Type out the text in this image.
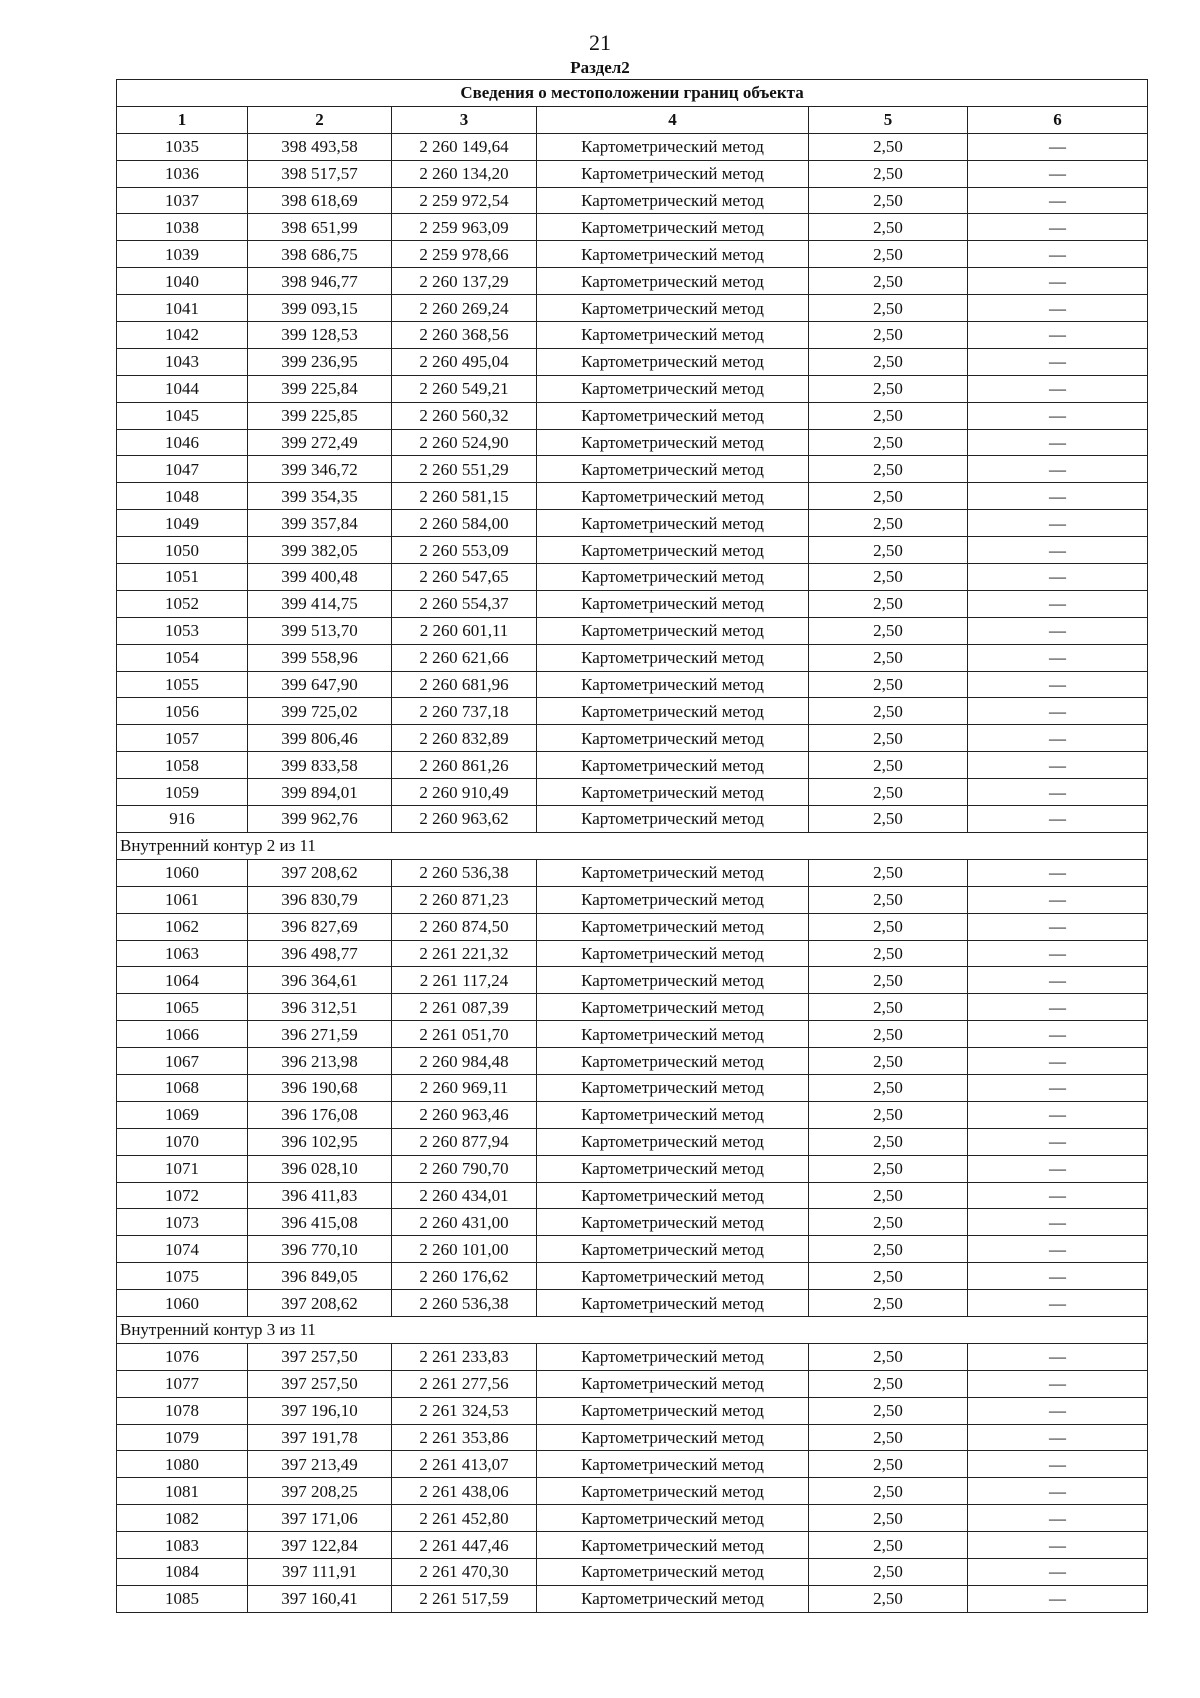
21
Раздел2
Сведения о местоположении границ объекта					
1	2	3	4	5	6
1035	398 493,58	2 260 149,64	Картометрический метод	2,50	—
1036	398 517,57	2 260 134,20	Картометрический метод	2,50	—
1037	398 618,69	2 259 972,54	Картометрический метод	2,50	—
1038	398 651,99	2 259 963,09	Картометрический метод	2,50	—
1039	398 686,75	2 259 978,66	Картометрический метод	2,50	—
1040	398 946,77	2 260 137,29	Картометрический метод	2,50	—
1041	399 093,15	2 260 269,24	Картометрический метод	2,50	—
1042	399 128,53	2 260 368,56	Картометрический метод	2,50	—
1043	399 236,95	2 260 495,04	Картометрический метод	2,50	—
1044	399 225,84	2 260 549,21	Картометрический метод	2,50	—
1045	399 225,85	2 260 560,32	Картометрический метод	2,50	—
1046	399 272,49	2 260 524,90	Картометрический метод	2,50	—
1047	399 346,72	2 260 551,29	Картометрический метод	2,50	—
1048	399 354,35	2 260 581,15	Картометрический метод	2,50	—
1049	399 357,84	2 260 584,00	Картометрический метод	2,50	—
1050	399 382,05	2 260 553,09	Картометрический метод	2,50	—
1051	399 400,48	2 260 547,65	Картометрический метод	2,50	—
1052	399 414,75	2 260 554,37	Картометрический метод	2,50	—
1053	399 513,70	2 260 601,11	Картометрический метод	2,50	—
1054	399 558,96	2 260 621,66	Картометрический метод	2,50	—
1055	399 647,90	2 260 681,96	Картометрический метод	2,50	—
1056	399 725,02	2 260 737,18	Картометрический метод	2,50	—
1057	399 806,46	2 260 832,89	Картометрический метод	2,50	—
1058	399 833,58	2 260 861,26	Картометрический метод	2,50	—
1059	399 894,01	2 260 910,49	Картометрический метод	2,50	—
916	399 962,76	2 260 963,62	Картометрический метод	2,50	—
Внутренний контур 2 из 11					
1060	397 208,62	2 260 536,38	Картометрический метод	2,50	—
1061	396 830,79	2 260 871,23	Картометрический метод	2,50	—
1062	396 827,69	2 260 874,50	Картометрический метод	2,50	—
1063	396 498,77	2 261 221,32	Картометрический метод	2,50	—
1064	396 364,61	2 261 117,24	Картометрический метод	2,50	—
1065	396 312,51	2 261 087,39	Картометрический метод	2,50	—
1066	396 271,59	2 261 051,70	Картометрический метод	2,50	—
1067	396 213,98	2 260 984,48	Картометрический метод	2,50	—
1068	396 190,68	2 260 969,11	Картометрический метод	2,50	—
1069	396 176,08	2 260 963,46	Картометрический метод	2,50	—
1070	396 102,95	2 260 877,94	Картометрический метод	2,50	—
1071	396 028,10	2 260 790,70	Картометрический метод	2,50	—
1072	396 411,83	2 260 434,01	Картометрический метод	2,50	—
1073	396 415,08	2 260 431,00	Картометрический метод	2,50	—
1074	396 770,10	2 260 101,00	Картометрический метод	2,50	—
1075	396 849,05	2 260 176,62	Картометрический метод	2,50	—
1060	397 208,62	2 260 536,38	Картометрический метод	2,50	—
Внутренний контур 3 из 11					
1076	397 257,50	2 261 233,83	Картометрический метод	2,50	—
1077	397 257,50	2 261 277,56	Картометрический метод	2,50	—
1078	397 196,10	2 261 324,53	Картометрический метод	2,50	—
1079	397 191,78	2 261 353,86	Картометрический метод	2,50	—
1080	397 213,49	2 261 413,07	Картометрический метод	2,50	—
1081	397 208,25	2 261 438,06	Картометрический метод	2,50	—
1082	397 171,06	2 261 452,80	Картометрический метод	2,50	—
1083	397 122,84	2 261 447,46	Картометрический метод	2,50	—
1084	397 111,91	2 261 470,30	Картометрический метод	2,50	—
1085	397 160,41	2 261 517,59	Картометрический метод	2,50	—
